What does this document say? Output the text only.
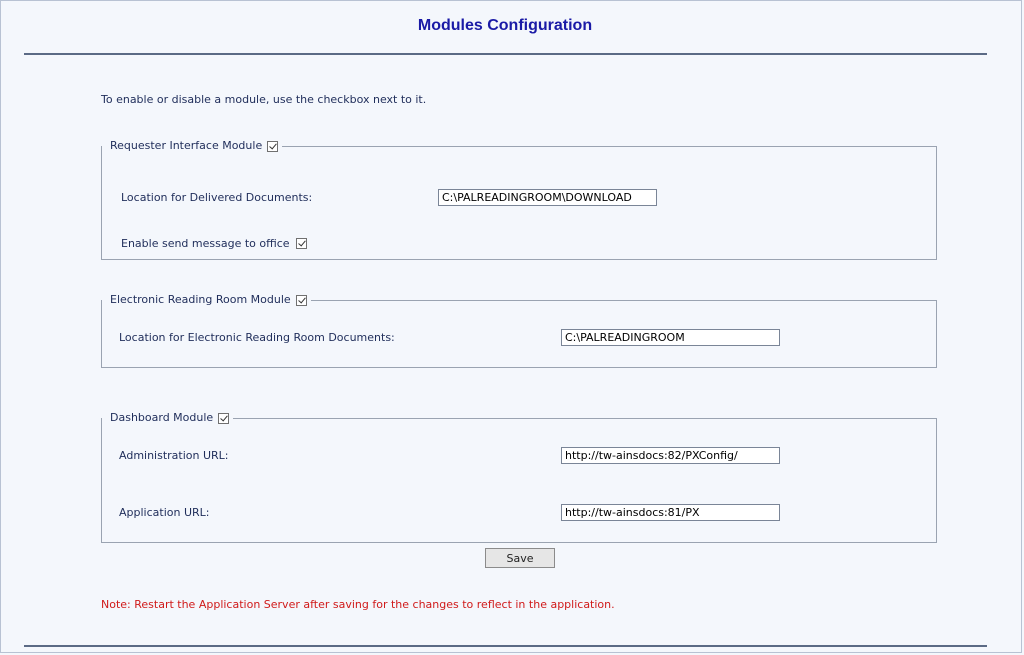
Modules Configuration
To enable or disable a module, use the checkbox next to it.
Requester Interface Module
Location for Delivered Documents:	C:\PALREADINGROOM\DOWNLOAD
Enable send message to office
Electronic Reading Room Module
Location for Electronic Reading Room Documents:	C:\PALREADINGROOM
Dashboard Module
Administration URL:	http://tw-ainsdocs:82/PXConfig/
Application URL:	http://tw-ainsdocs:81/PX
Save
Note: Restart the Application Server after saving for the changes to reflect in the application.
